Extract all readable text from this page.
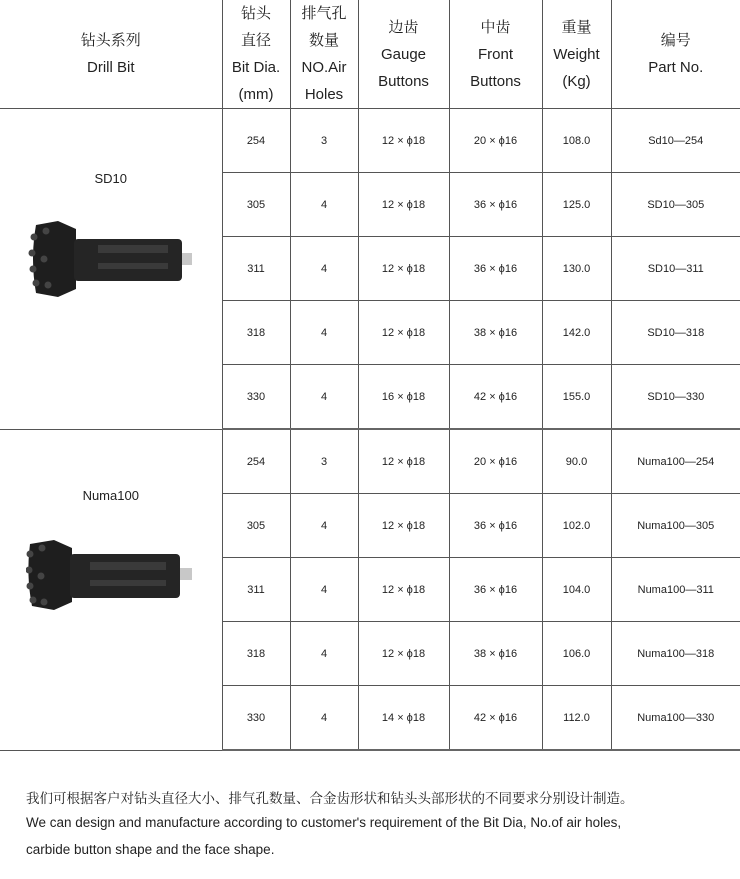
钻头系列
Drill Bit	钻头
直径
Bit Dia.
(mm)	排气孔
数量
NO.Air
Holes	边齿
Gauge
Buttons	中齿
Front
Buttons	重量
Weight
(Kg)	编号
Part No.

SD10	254	3	12 × ϕ18	20 × ϕ16	108.0	Sd10—254
	305	4	12 × ϕ18	36 × ϕ16	125.0	SD10—305
	311	4	12 × ϕ18	36 × ϕ16	130.0	SD10—311
	318	4	12 × ϕ18	38 × ϕ16	142.0	SD10—318
	330	4	16 × ϕ18	42 × ϕ16	155.0	SD10—330

Numa100	254	3	12 × ϕ18	20 × ϕ16	90.0	Numa100—254
	305	4	12 × ϕ18	36 × ϕ16	102.0	Numa100—305
	311	4	12 × ϕ18	36 × ϕ16	104.0	Numa100—311
	318	4	12 × ϕ18	38 × ϕ16	106.0	Numa100—318
	330	4	14 × ϕ18	42 × ϕ16	112.0	Numa100—330
我们可根据客户对钻头直径大小、排气孔数量、合金齿形状和钻头头部形状的不同要求分别设计制造。
We can design and manufacture according to customer's requirement of the Bit Dia, No.of air holes,
carbide button shape and the face shape.
